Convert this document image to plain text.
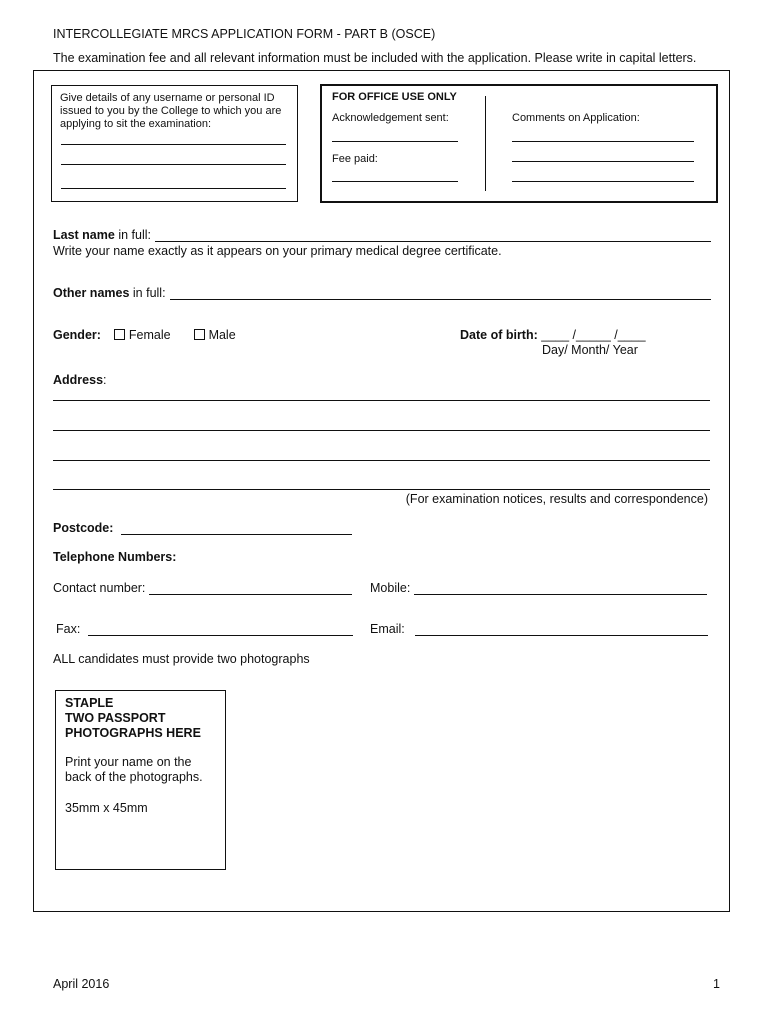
INTERCOLLEGIATE MRCS APPLICATION FORM - PART B (OSCE)
The examination fee and all relevant information must be included with the application. Please write in capital letters.
Give details of any username or personal ID issued to you by the College to which you are applying to sit the examination:
FOR OFFICE USE ONLY
Acknowledgement sent:
Fee paid:
Comments on Application:
Last name in full:
Write your name exactly as it appears on your primary medical degree certificate.
Other names in full:
Gender: Female	Male	Date of birth: ____ /_____ /____
Day/ Month/ Year
Address:
(For examination notices, results and correspondence)
Postcode:
Telephone Numbers:
Contact number:	Mobile:
Fax:	Email:
ALL candidates must provide two photographs
STAPLE
TWO PASSPORT
PHOTOGRAPHS HERE
Print your name on the back of the photographs.
35mm x 45mm
April 2016	1
